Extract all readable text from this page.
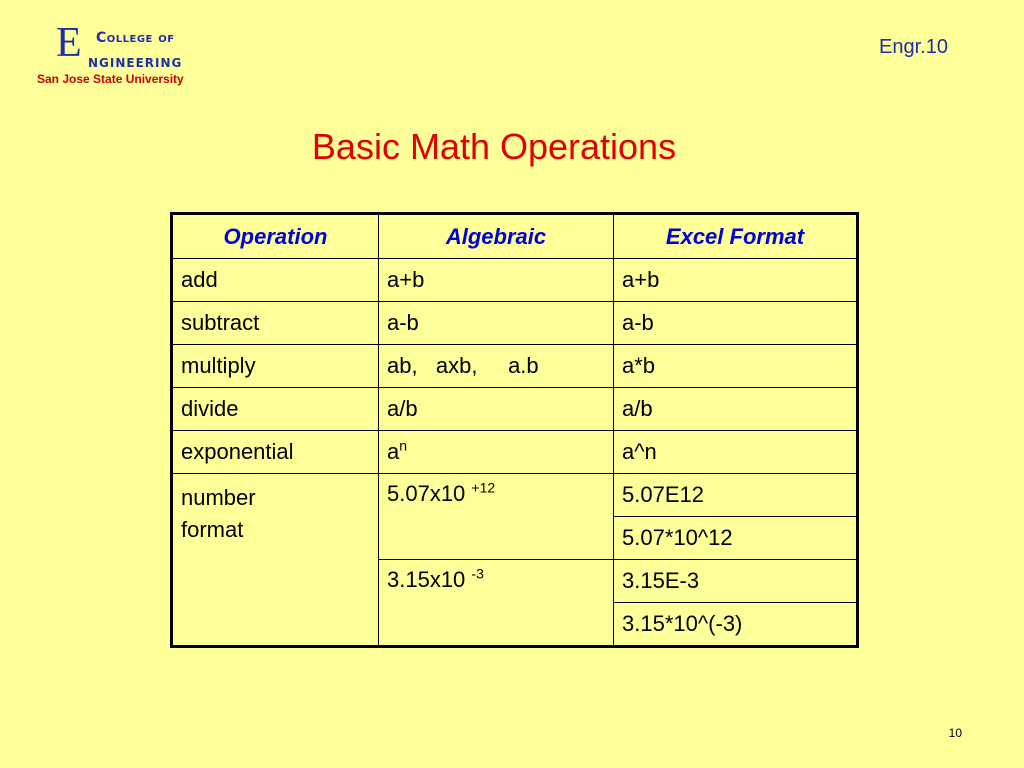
E College of
ngineering
San Jose State University
Engr.10
Basic Math Operations
Operation	Algebraic	Excel Format
add	a+b	a+b
subtract	a-b	a-b
multiply	ab,   axb,     a.b	a*b
divide	a/b	a/b
exponential	$a^n$	a^n
number format	5.07x10 $^{+12}$	5.07E12
		5.07*10^12
	3.15x10 $^{-3}$	3.15E-3
		3.15*10^(-3)
10
